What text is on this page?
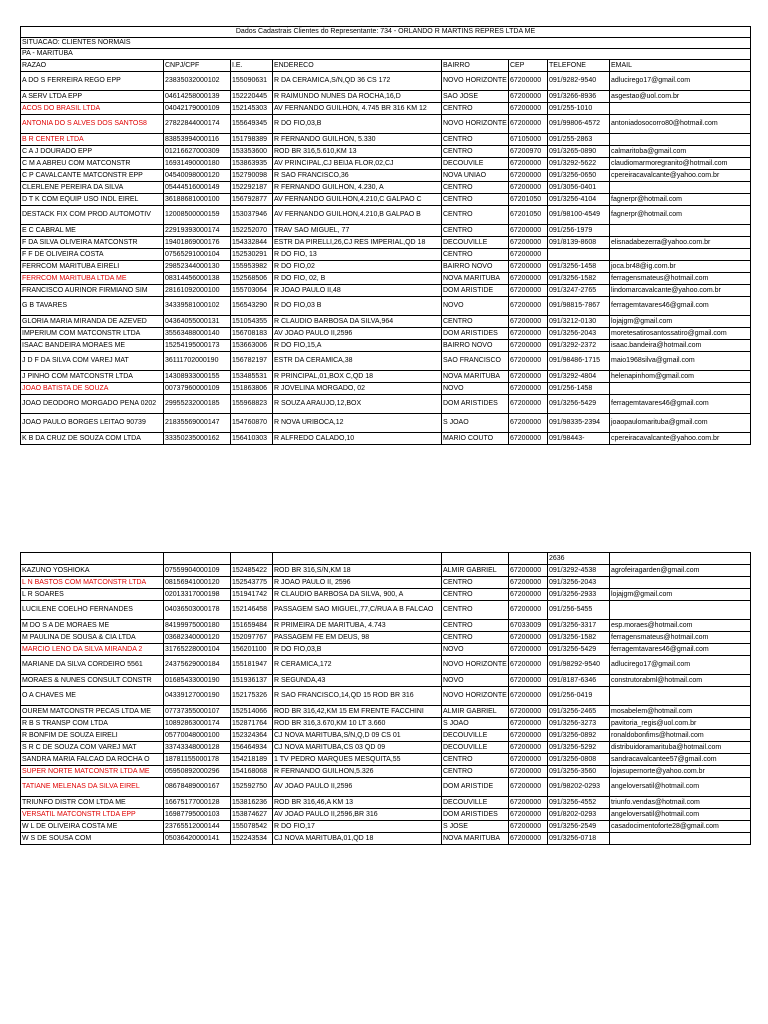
Dados Cadastrais Clientes do Representante: 734 - ORLANDO R MARTINS REPRES LTDA ME							
SITUACAO: CLIENTES NORMAIS							
PA - MARITUBA							
RAZAO	CNPJ/CPF	I.E.	ENDERECO	BAIRRO	CEP	TELEFONE	EMAIL
A DO S FERREIRA REGO EPP	23835032000102	155090631	R DA CERAMICA,S/N,QD 36 CS 172	NOVO HORIZONTE	67200000	091/9282-9540	adlucirego17@gmail.com
A SERV LTDA EPP	04614258000139	152220445	R RAIMUNDO NUNES DA ROCHA,16,D	SAO JOSE	67200000	091/3266-8936	asgestao@uol.com.br
ACOS DO BRASIL LTDA	04042179000109	152145303	AV FERNANDO GUILHON, 4.745 BR 316 KM 12	CENTRO	67200000	091/255-1010	
ANTONIA DO S ALVES DOS SANTOS8	27822844000174	155649345	R DO FIO,03,B	NOVO HORIZONTE	67200000	091/99806-4572	antoniadosocorro80@hotmail.com
B R CENTER LTDA	83853994000116	151798389	R FERNANDO GUILHON, 5.330	CENTRO	67105000	091/255-2863	
C A J DOURADO EPP	01216627000309	153353600	ROD BR 316,5.610,KM 13	CENTRO	67200970	091/3265-0890	calmaritoba@gmail.com
C M A ABREU COM MATCONSTR	16931490000180	153863935	AV PRINCIPAL,CJ BEIJA FLOR,02,CJ	DECOUVILE	67200000	091/3292-5622	claudiomarmoregranito@hotmail.com
C P CAVALCANTE MATCONSTR EPP	04540098000120	152790098	R SAO FRANCISCO,36	NOVA UNIAO	67200000	091/3256-0650	cpereiracavalcante@yahoo.com.br
CLERLENE PEREIRA DA SILVA	05444516000149	152292187	R FERNANDO GUILHON, 4.230, A	CENTRO	67200000	091/3056-0401	
D T K COM EQUIP USO INDL EIREL	36188681000100	156792877	AV FERNANDO GUILHON,4.210,C GALPAO C	CENTRO	67201050	091/3256-4104	fagnerpr@hotmail.com
DESTACK FIX COM PROD AUTOMOTIV	12008500000159	153037946	AV FERNANDO GUILHON,4.210,B GALPAO B	CENTRO	67201050	091/98100-4549	fagnerpr@hotmail.com
E C CABRAL ME	22919393000174	152252070	TRAV SAO MIGUEL, 77	CENTRO	67200000	091/256-1979	
F DA SILVA OLIVEIRA MATCONSTR	19401869000176	154332844	ESTR DA PIRELLI,26,CJ RES IMPERIAL,QD 18	DECOUVILLE	67200000	091/8139-8608	elisnadabezerra@yahoo.com.br
F F DE OLIVEIRA COSTA	07565291000104	152530291	R DO FIO, 13	CENTRO	67200000		
FERRCOM MARITUBA EIRELI	29852344000130	155953982	R DO FIO,02	BAIRRO NOVO	67200000	091/3256-1458	joca.br48@ig.com.br
FERRCOM MARITUBA LTDA ME	08314456000138	152568506	R DO FIO, 02, B	NOVA MARITUBA	67200000	091/3256-1582	ferragensmateus@hotmail.com
FRANCISCO AURINOR FIRMIANO SIM	28161092000100	155703064	R JOAO PAULO II,48	DOM ARISTIDE	67200000	091/3247-2765	lindomarcavalcante@yahoo.com.br
G B TAVARES	34339581000102	156543290	R DO FIO,03 B	NOVO	67200000	091/98815-7867	ferragemtavares46@gmail.com
GLORIA MARIA MIRANDA DE AZEVED	04364055000131	151054355	R CLAUDIO BARBOSA DA SILVA,964	CENTRO	67200000	091/3212-0130	lojajgm@gmail.com
IMPERIUM COM MATCONSTR LTDA	35563488000140	156708183	AV JOAO PAULO II,2596	DOM ARISTIDES	67200000	091/3256-2043	moretesatirosantossatiro@gmail.com
ISAAC BANDEIRA MORAES ME	15254195000173	153663006	R DO FIO,15,A	BAIRRO NOVO	67200000	091/3292-2372	isaac.bandeira@hotmail.com
J D F DA SILVA COM VAREJ MAT	36111702000190	156782197	ESTR DA CERAMICA,38	SAO FRANCISCO	67200000	091/98486-1715	maio1968silva@gmail.com
J PINHO COM MATCONSTR LTDA	14308933000155	153485531	R PRINCIPAL,01,BOX C,QD 18	NOVA MARITUBA	67200000	091/3292-4804	helenapinhom@gmail.com
JOAO BATISTA DE SOUZA	00737960000109	151863806	R JOVELINA MORGADO, 02	NOVO	67200000	091/256-1458	
JOAO DEODORO MORGADO PENA 0202	29955232000185	155968823	R SOUZA ARAUJO,12,BOX	DOM ARISTIDES	67200000	091/3256-5429	ferragemtavares46@gmail.com
JOAO PAULO BORGES LEITAO 90739	21835569000147	154760870	R NOVA URIBOCA,12	S JOAO	67200000	091/98335-2394	joaopaulomarituba@gmail.com
K B DA CRUZ DE SOUZA COM LTDA	33350235000162	156410303	R ALFREDO CALADO,10	MARIO COUTO	67200000	091/98443-	cpereiracavalcante@yahoo.com.br
						2636	
KAZUNO YOSHIOKA	07559904000109	152485422	ROD BR 316,S/N,KM 18	ALMIR GABRIEL	67200000	091/3292-4538	agrofeiragarden@gmail.com
L N BASTOS COM MATCONSTR LTDA	08156941000120	152543775	R JOAO PAULO II, 2596	CENTRO	67200000	091/3256-2043	
L R SOARES	02013317000198	151941742	R CLAUDIO BARBOSA DA SILVA, 900, A	CENTRO	67200000	091/3256-2933	lojajgm@gmail.com
LUCILENE COELHO FERNANDES	04036503000178	152146458	PASSAGEM SAO MIGUEL,77,C/RUA A B FALCAO	CENTRO	67200000	091/256-5455	
M DO S A DE MORAES ME	84199975000180	151659484	R PRIMEIRA DE MARITUBA, 4.743	CENTRO	67033009	091/3256-3317	esp.moraes@hotmail.com
M PAULINA DE SOUSA & CIA LTDA	03682340000120	152097767	PASSAGEM FE EM DEUS, 98	CENTRO	67200000	091/3256-1582	ferragensmateus@hotmail.com
MARCIO LENO DA SILVA MIRANDA 2	31765228000104	156201100	R DO FIO,03,B	NOVO	67200000	091/3256-5429	ferragemtavares46@gmail.com
MARIANE DA SILVA CORDEIRO 5561	24375629000184	155181947	R CERAMICA,172	NOVO HORIZONTE	67200000	091/98292-9540	adlucirego17@gmail.com
MORAES & NUNES CONSULT CONSTR	01685433000190	151936137	R SEGUNDA,43	NOVO	67200000	091/8187-6346	construtorabml@hotmail.com
O A CHAVES ME	04339127000190	152175326	R SAO FRANCISCO,14,QD 15 ROD BR 316	NOVO HORIZONTE	67200000	091/256-0419	
OUREM MATCONSTR PECAS LTDA ME	07737355000107	152514066	ROD BR 316,42,KM 15 EM FRENTE FACCHINI	ALMIR GABRIEL	67200000	091/3256-2465	mosabelem@hotmail.com
R B S TRANSP COM LTDA	10892863000174	152871764	ROD BR 316,3.670,KM 10 LT 3.660	S JOAO	67200000	091/3256-3273	pavitoria_regis@uol.com.br
R BONFIM DE SOUZA EIRELI	05770048000100	152324364	CJ NOVA MARITUBA,S/N,Q,D 09 CS 01	DECOUVILLE	67200000	091/3256-0892	ronaldobonfims@hotmail.com
S R C DE SOUZA COM VAREJ MAT	33743348000128	156464934	CJ NOVA MARITUBA,CS 03 QD 09	DECOUVILLE	67200000	091/3256-5292	distribuidoramarituba@hotmail.com
SANDRA MARIA FALCAO DA ROCHA O	18781155000178	154218189	1 TV PEDRO MARQUES MESQUITA,55	CENTRO	67200000	091/3256-0808	sandracavalcantee57@gmail.com
SUPER NORTE MATCONSTR LTDA ME	05950892000296	154168068	R FERNANDO GUILHON,5.326	CENTRO	67200000	091/3256-3560	lojasupernorte@yahoo.com.br
TATIANE MELENAS DA SILVA EIREL	08678489000167	152592750	AV JOAO PAULO II,2596	DOM ARISTIDE	67200000	091/98202-0293	angeloversatil@hotmail.com
TRIUNFO DISTR COM LTDA ME	16675177000128	153816236	ROD BR 316,46,A KM 13	DECOUVILLE	67200000	091/3256-4552	triunfo.vendas@hotmail.com
VERSATIL MATCONSTR LTDA EPP	16987795000103	153874627	AV JOAO PAULO II,2596,BR 316	DOM ARISTIDES	67200000	091/8202-0293	angeloversatil@hotmail.com
W L DE OLIVEIRA COSTA ME	23765512000144	155078542	R DO FIO,17	S JOSE	67200000	091/3256-2549	casadocimentoforte28@gmail.com
W S DE SOUSA COM	05036420000141	152243534	CJ NOVA MARITUBA,01,QD 18	NOVA MARITUBA	67200000	091/3256-0718	
